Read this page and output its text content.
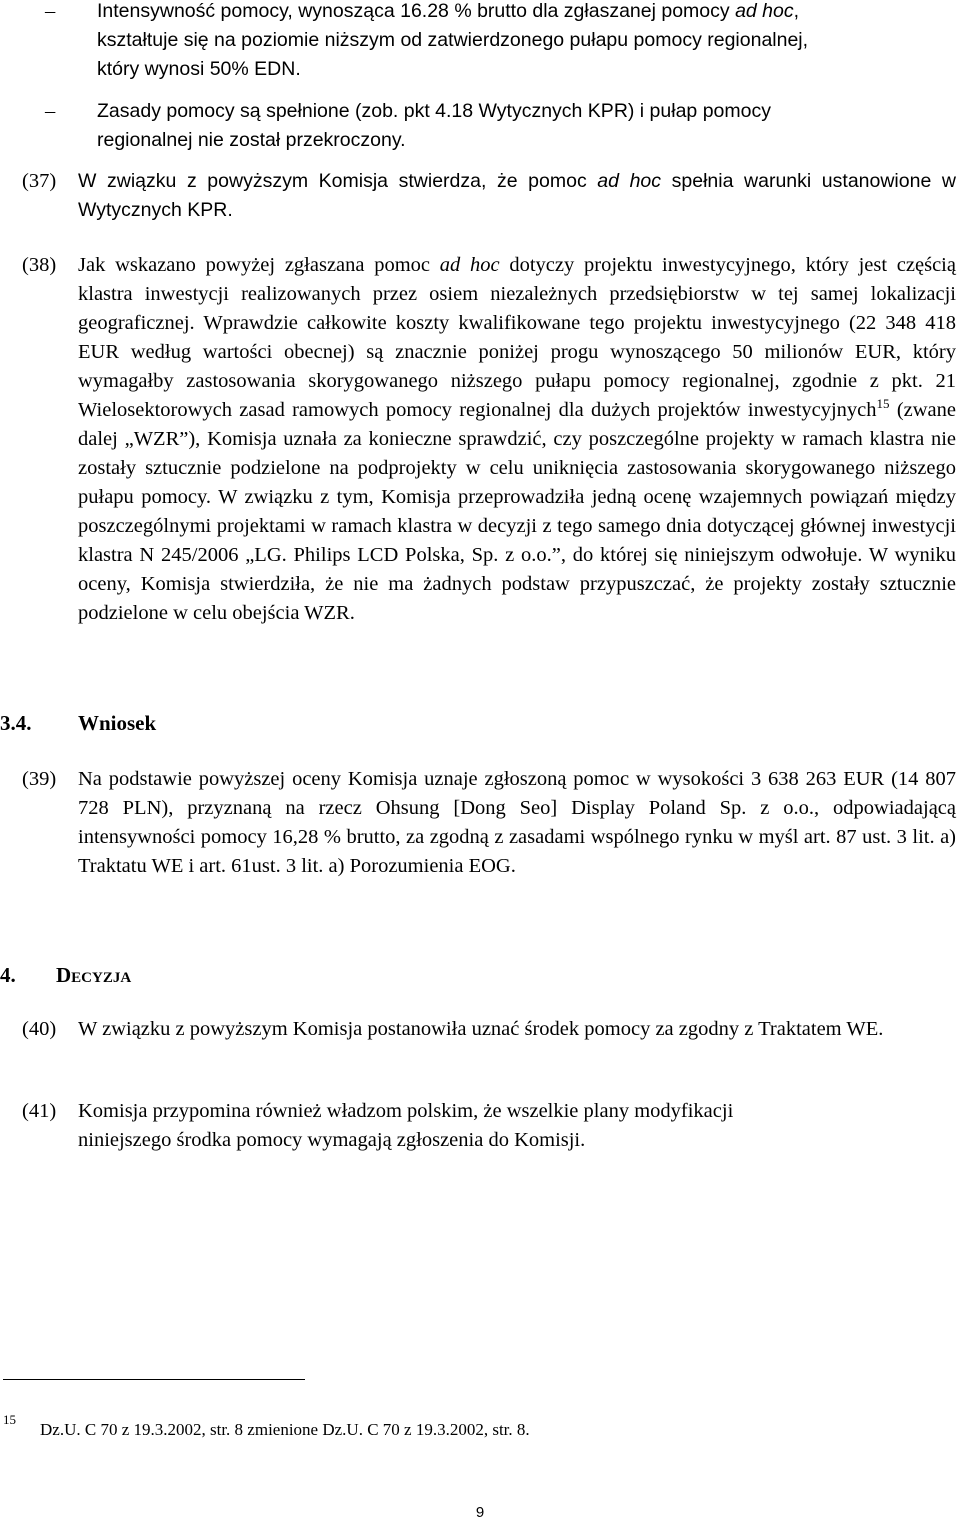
– Intensywność pomocy, wynosząca 16.28 % brutto dla zgłaszanej pomocy ad hoc,
kształtuje się na poziomie niższym od zatwierdzonego pułapu pomocy regionalnej,
który wynosi 50% EDN.
– Zasady pomocy są spełnione (zob. pkt 4.18 Wytycznych KPR) i pułap pomocy
regionalnej nie został przekroczony.
(37) W związku z powyższym Komisja stwierdza, że pomoc ad hoc spełnia warunki ustanowione w Wytycznych KPR.
(38) Jak wskazano powyżej zgłaszana pomoc ad hoc dotyczy projektu inwestycyjnego, który jest częścią klastra inwestycji realizowanych przez osiem niezależnych przedsiębiorstw w tej samej lokalizacji geograficznej. Wprawdzie całkowite koszty kwalifikowane tego projektu inwestycyjnego (22 348 418 EUR według wartości obecnej) są znacznie poniżej progu wynoszącego 50 milionów EUR, który wymagałby zastosowania skorygowanego niższego pułapu pomocy regionalnej, zgodnie z pkt. 21 Wielosektorowych zasad ramowych pomocy regionalnej dla dużych projektów inwestycyjnych$^{15}$ (zwane dalej „WZR”), Komisja uznała za konieczne sprawdzić, czy poszczególne projekty w ramach klastra nie zostały sztucznie podzielone na podprojekty w celu uniknięcia zastosowania skorygowanego niższego pułapu pomocy. W związku z tym, Komisja przeprowadziła jedną ocenę wzajemnych powiązań między poszczególnymi projektami w ramach klastra w decyzji z tego samego dnia dotyczącej głównej inwestycji klastra N 245/2006 „LG. Philips LCD Polska, Sp. z o.o.”, do której się niniejszym odwołuje. W wyniku oceny, Komisja stwierdziła, że nie ma żadnych podstaw przypuszczać, że projekty zostały sztucznie podzielone w celu obejścia WZR.
3.4. Wniosek
(39) Na podstawie powyższej oceny Komisja uznaje zgłoszoną pomoc w wysokości 3 638 263 EUR (14 807 728 PLN), przyznaną na rzecz Ohsung [Dong Seo] Display Poland Sp. z o.o., odpowiadającą intensywności pomocy 16,28 % brutto, za zgodną z zasadami wspólnego rynku w myśl art. 87 ust. 3 lit. a) Traktatu WE i art. 61ust. 3 lit. a) Porozumienia EOG.
4. Decyzja
(40) W związku z powyższym Komisja postanowiła uznać środek pomocy za zgodny z Traktatem WE.
(41) Komisja przypomina również władzom polskim, że wszelkie plany modyfikacji
niniejszego środka pomocy wymagają zgłoszenia do Komisji.
15
Dz.U. C 70 z 19.3.2002, str. 8 zmienione Dz.U. C 70 z 19.3.2002, str. 8.
9
